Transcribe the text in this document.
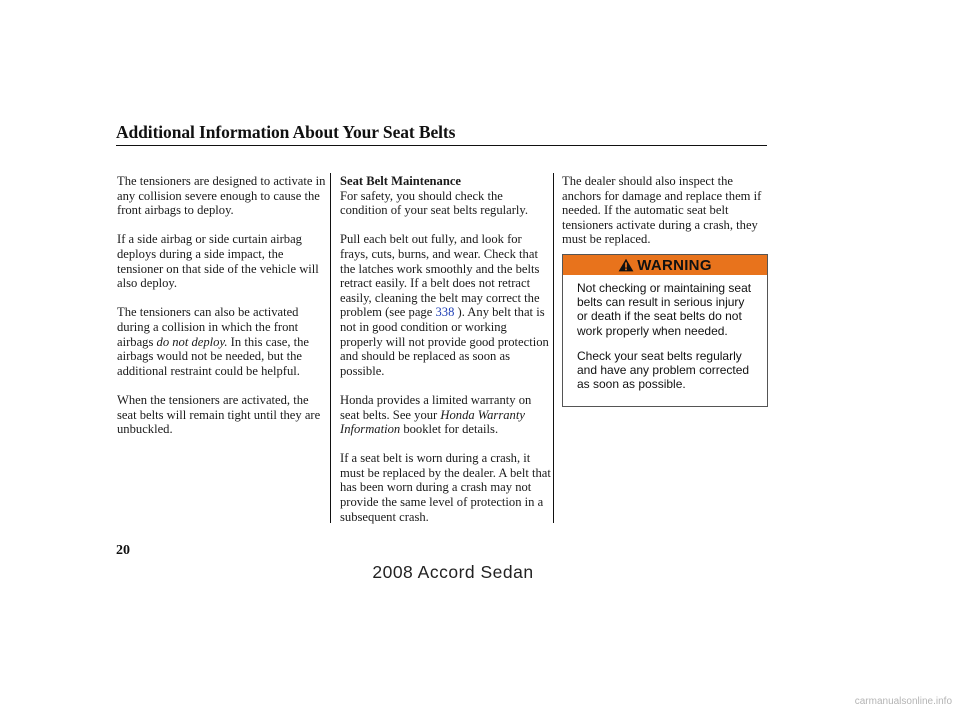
Additional Information About Your Seat Belts

The tensioners are designed to activate in any collision severe enough to cause the front airbags to deploy.

If a side airbag or side curtain airbag deploys during a side impact, the tensioner on that side of the vehicle will also deploy.

The tensioners can also be activated during a collision in which the front airbags do not deploy. In this case, the airbags would not be needed, but the additional restraint could be helpful.

When the tensioners are activated, the seat belts will remain tight until they are unbuckled.

Seat Belt Maintenance

For safety, you should check the condition of your seat belts regularly.

Pull each belt out fully, and look for frays, cuts, burns, and wear. Check that the latches work smoothly and the belts retract easily. If a belt does not retract easily, cleaning the belt may correct the problem (see page 338 ). Any belt that is not in good condition or working properly will not provide good protection and should be replaced as soon as possible.

Honda provides a limited warranty on seat belts. See your Honda Warranty Information booklet for details.

If a seat belt is worn during a crash, it must be replaced by the dealer. A belt that has been worn during a crash may not provide the same level of protection in a subsequent crash.

The dealer should also inspect the anchors for damage and replace them if needed. If the automatic seat belt tensioners activate during a crash, they must be replaced.

WARNING

Not checking or maintaining seat belts can result in serious injury or death if the seat belts do not work properly when needed.

Check your seat belts regularly and have any problem corrected as soon as possible.

20
2008 Accord Sedan
carmanualsonline.info
